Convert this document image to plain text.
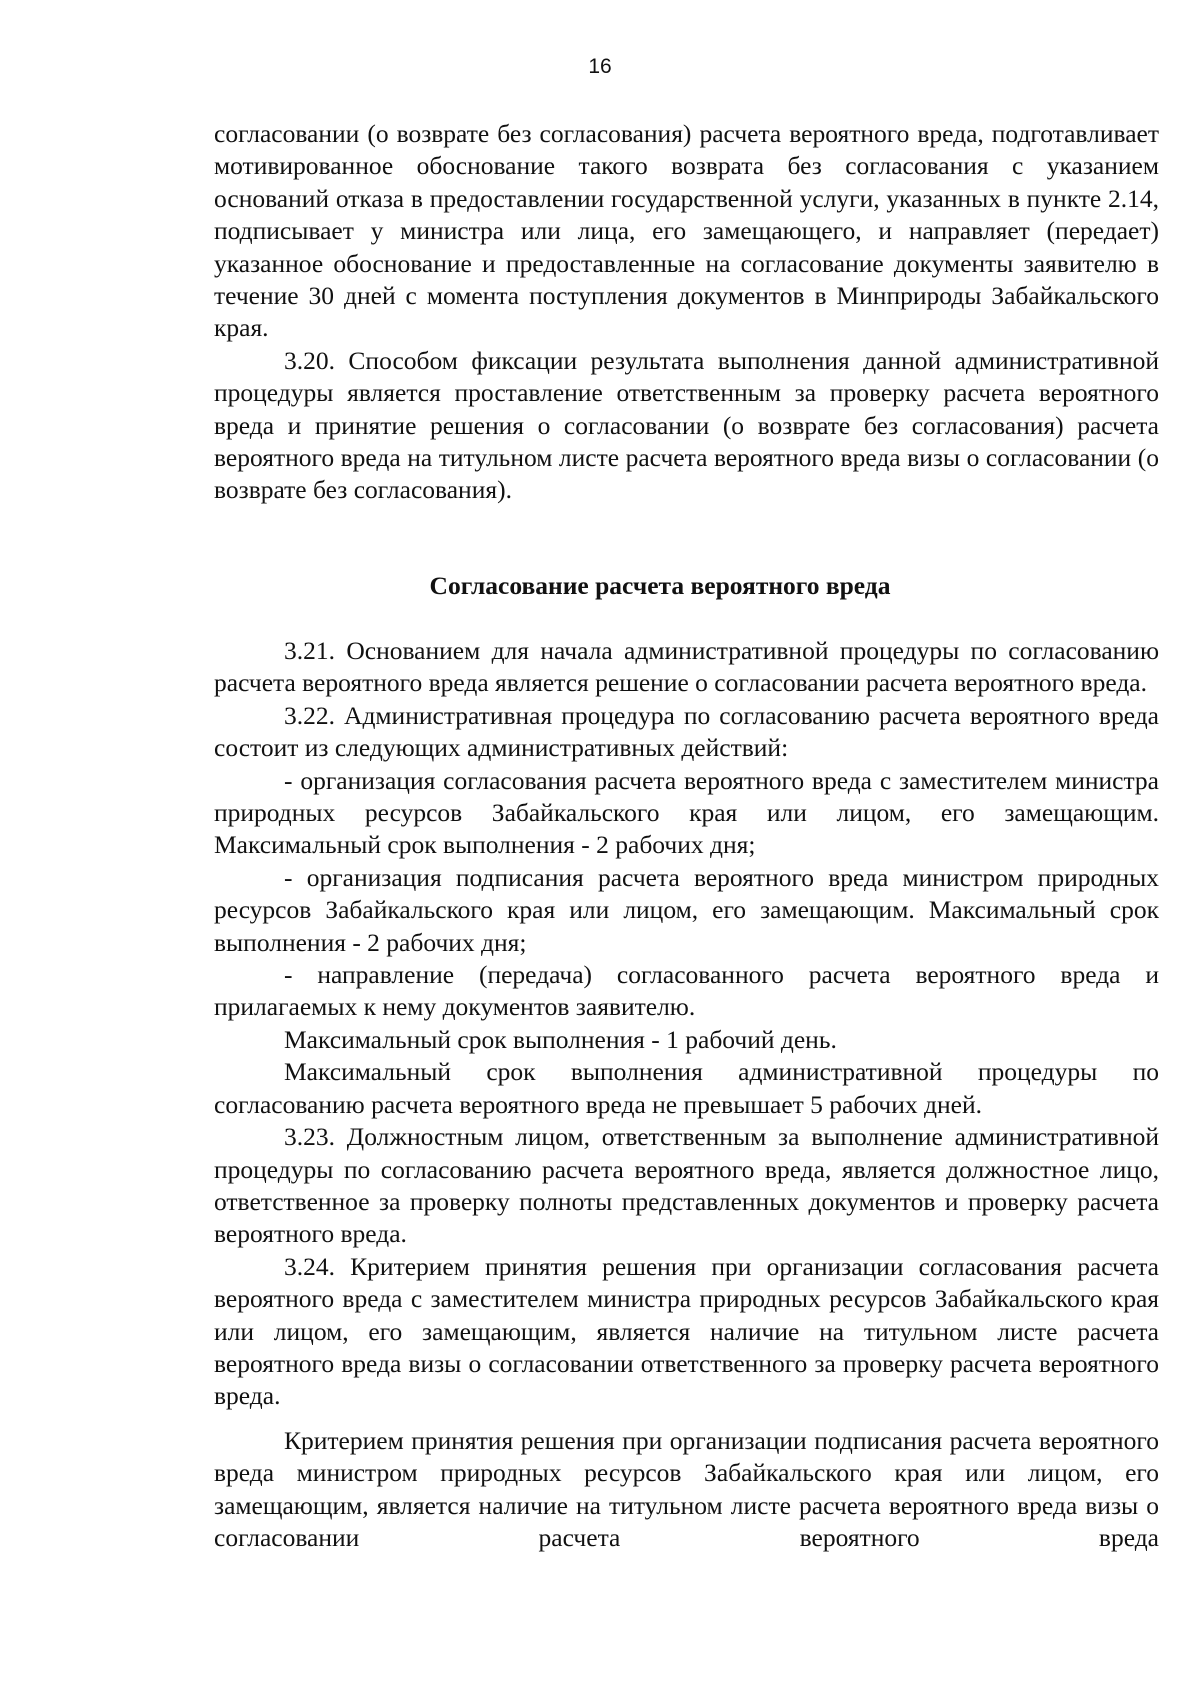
16

согласовании (о возврате без согласования) расчета вероятного вреда, подготавливает мотивированное обоснование такого возврата без согласования с указанием оснований отказа в предоставлении государственной услуги, указанных в пункте 2.14, подписывает у министра или лица, его замещающего, и направляет (передает) указанное обоснование и предоставленные на согласование документы заявителю в течение 30 дней с момента поступления документов в Минприроды Забайкальского края.

3.20. Способом фиксации результата выполнения данной административной процедуры является проставление ответственным за проверку расчета вероятного вреда и принятие решения о согласовании (о возврате без согласования) расчета вероятного вреда на титульном листе расчета вероятного вреда визы о согласовании (о возврате без согласования).

Согласование расчета вероятного вреда

3.21. Основанием для начала административной процедуры по согласованию расчета вероятного вреда является решение о согласовании расчета вероятного вреда.

3.22. Административная процедура по согласованию расчета вероятного вреда состоит из следующих административных действий:

- организация согласования расчета вероятного вреда с заместителем министра природных ресурсов Забайкальского края или лицом, его замещающим. Максимальный срок выполнения - 2 рабочих дня;

- организация подписания расчета вероятного вреда министром природных ресурсов Забайкальского края или лицом, его замещающим. Максимальный срок выполнения - 2 рабочих дня;

- направление (передача) согласованного расчета вероятного вреда и прилагаемых к нему документов заявителю.

Максимальный срок выполнения - 1 рабочий день.

Максимальный срок выполнения административной процедуры по согласованию расчета вероятного вреда не превышает 5 рабочих дней.

3.23. Должностным лицом, ответственным за выполнение административной процедуры по согласованию расчета вероятного вреда, является должностное лицо, ответственное за проверку полноты представленных документов и проверку расчета вероятного вреда.

3.24. Критерием принятия решения при организации согласования расчета вероятного вреда с заместителем министра природных ресурсов Забайкальского края или лицом, его замещающим, является наличие на титульном листе расчета вероятного вреда визы о согласовании ответственного за проверку расчета вероятного вреда.

Критерием принятия решения при организации подписания расчета вероятного вреда министром природных ресурсов Забайкальского края или лицом, его замещающим, является наличие на титульном листе расчета вероятного вреда визы о согласовании расчета вероятного вреда
